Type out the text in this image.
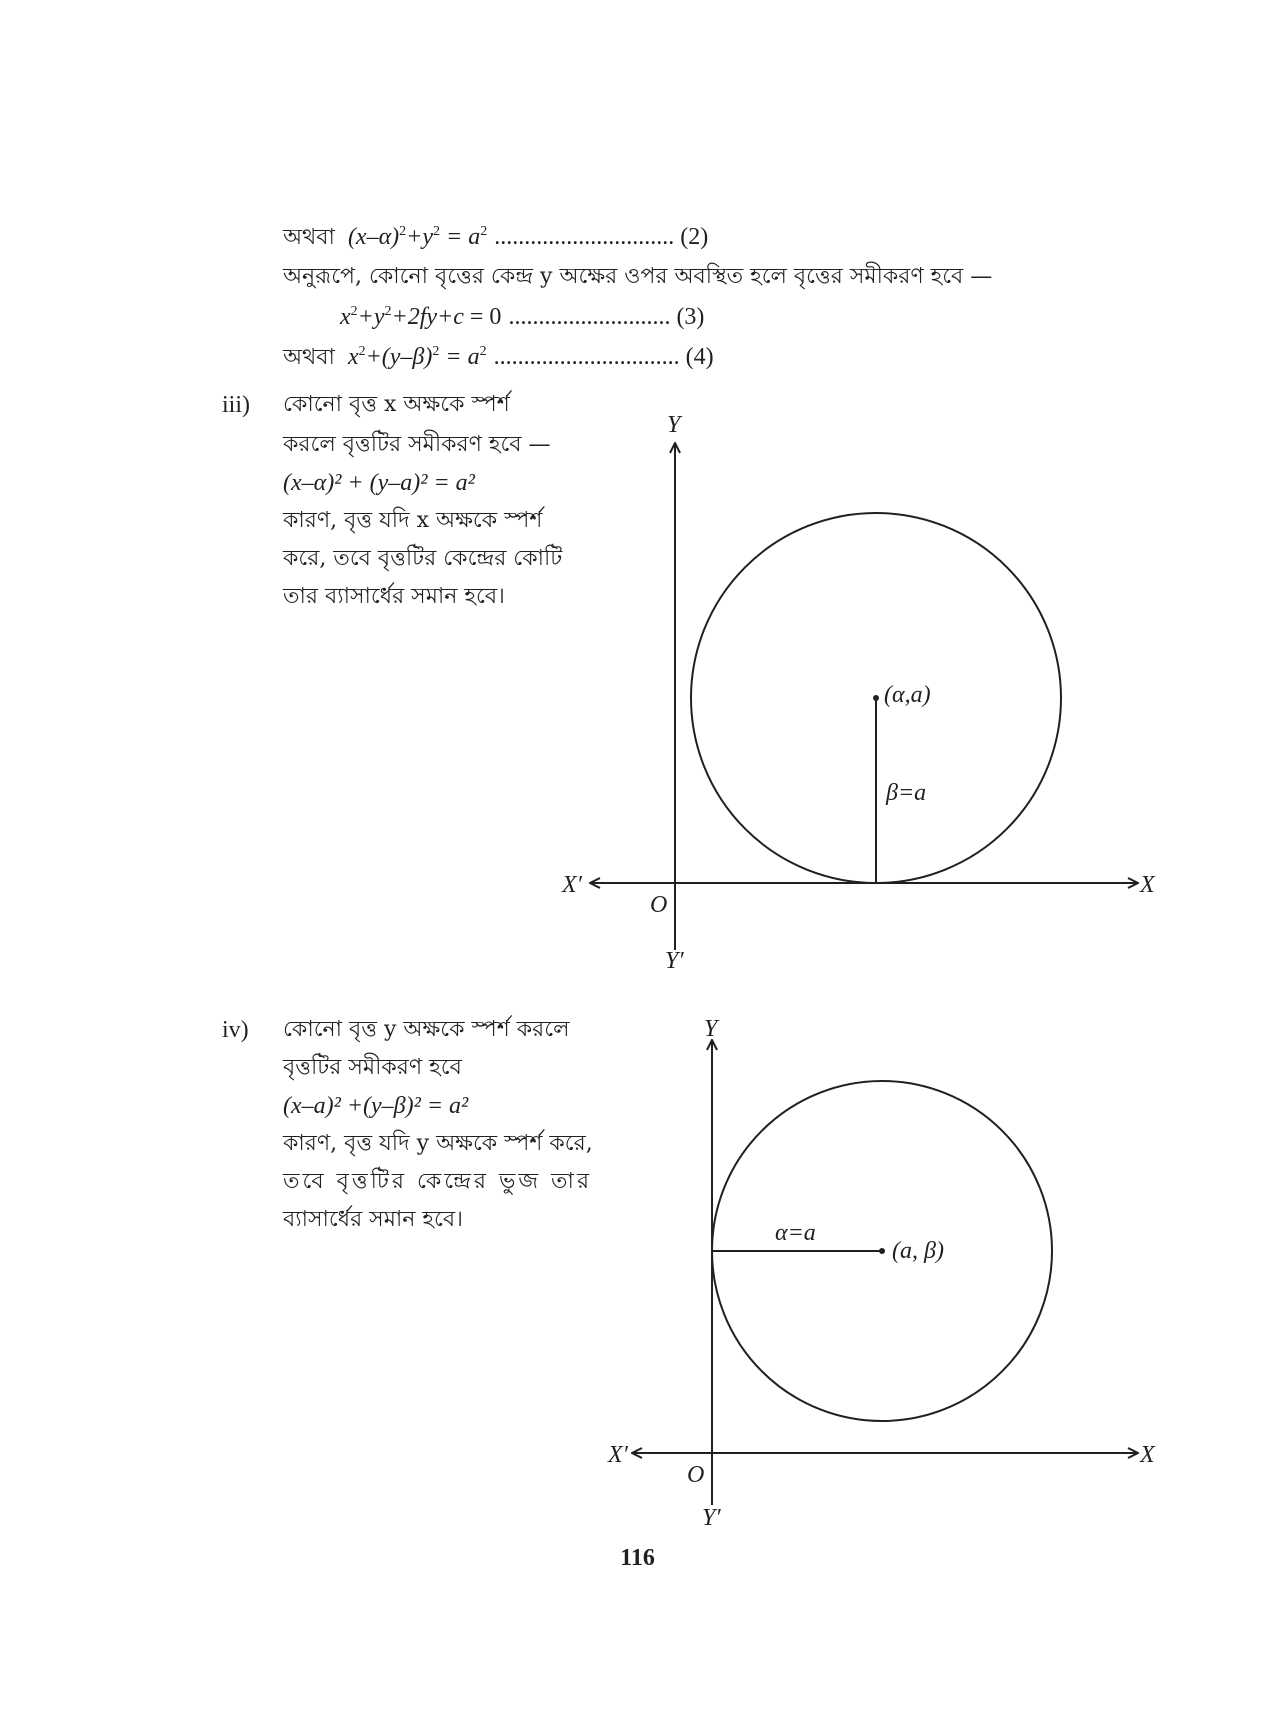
অথবা  $(x-\alpha)^2+y^2 = a^2$ .............................. (2)
অনুরূপে, কোনো বৃত্তের কেন্দ্র y অক্ষের ওপর অবস্থিত হলে বৃত্তের সমীকরণ হবে —
$x^2+y^2+2fy+c = 0$ ........................... (3)
অথবা  $x^2+(y-\beta)^2 = a^2$ ............................... (4)
iii) কোনো বৃত্ত x অক্ষকে স্পর্শ
করলে বৃত্তটির সমীকরণ হবে —
(x–α)² + (y–a)² = a²
কারণ, বৃত্ত যদি x অক্ষকে স্পর্শ
করে, তবে বৃত্তটির কেন্দ্রের কোটি
তার ব্যাসার্ধের সমান হবে।
iv) কোনো বৃত্ত y অক্ষকে স্পর্শ করলে
বৃত্তটির সমীকরণ হবে
(x–a)² +(y–β)² = a²
কারণ, বৃত্ত যদি y অক্ষকে স্পর্শ করে,
তবে বৃত্তটির কেন্দ্রের ভুজ তার
ব্যাসার্ধের সমান হবে।
(α,a)
β=a
Y
Y′
X
X′
O
(a, β)
α=a
Y
Y′
X
X′
O
116
